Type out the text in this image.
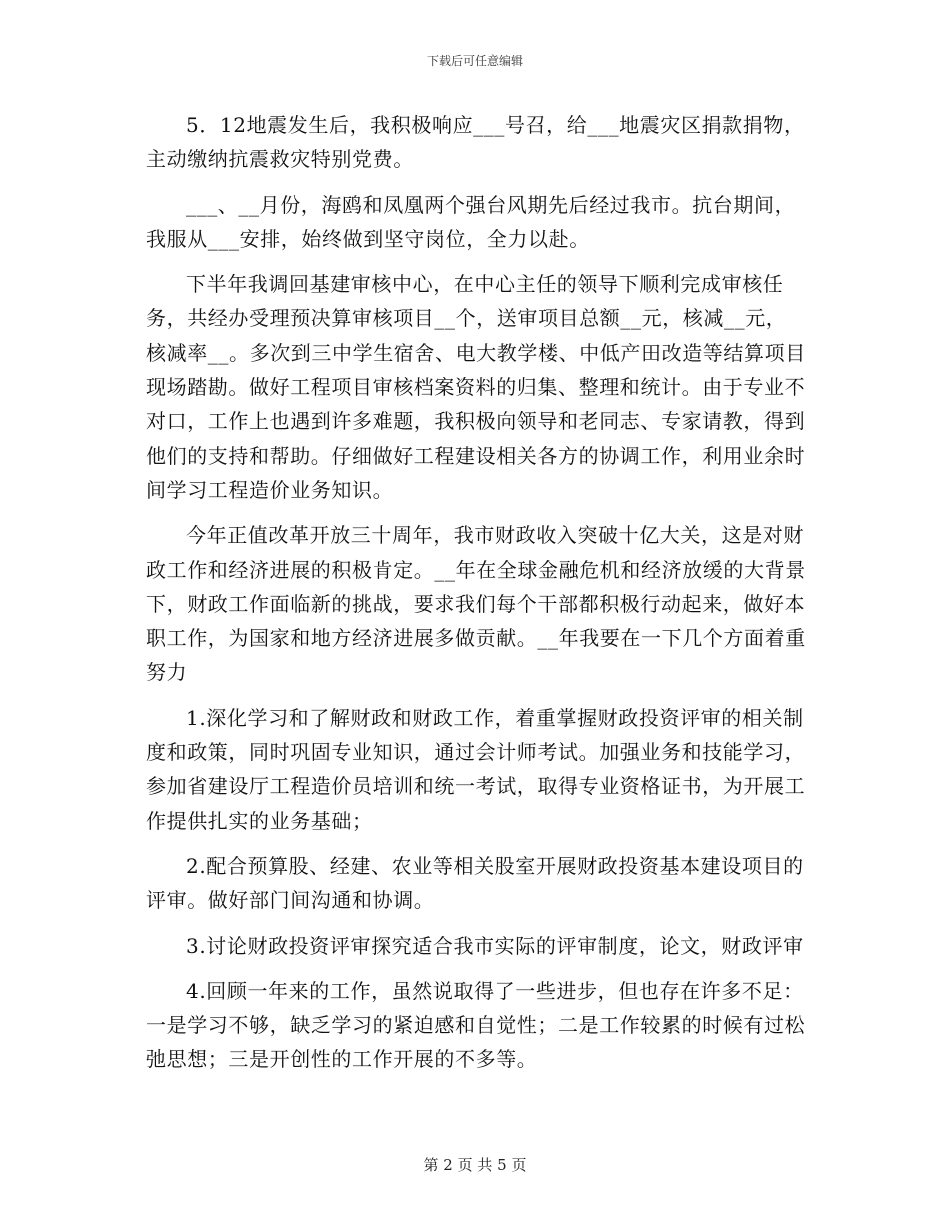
下载后可任意编辑

5．12地震发生后，我积极响应___号召，给___地震灾区捐款捐物，主动缴纳抗震救灾特别党费。

___、__月份，海鸥和凤凰两个强台风期先后经过我市。抗台期间，我服从___安排，始终做到坚守岗位，全力以赴。

下半年我调回基建审核中心，在中心主任的领导下顺利完成审核任务，共经办受理预决算审核项目__个，送审项目总额__元，核减__元，核减率__。多次到三中学生宿舍、电大教学楼、中低产田改造等结算项目现场踏勘。做好工程项目审核档案资料的归集、整理和统计。由于专业不对口，工作上也遇到许多难题，我积极向领导和老同志、专家请教，得到他们的支持和帮助。仔细做好工程建设相关各方的协调工作，利用业余时间学习工程造价业务知识。

今年正值改革开放三十周年，我市财政收入突破十亿大关，这是对财政工作和经济进展的积极肯定。__年在全球金融危机和经济放缓的大背景下，财政工作面临新的挑战，要求我们每个干部都积极行动起来，做好本职工作，为国家和地方经济进展多做贡献。__年我要在一下几个方面着重努力

1.深化学习和了解财政和财政工作，着重掌握财政投资评审的相关制度和政策，同时巩固专业知识，通过会计师考试。加强业务和技能学习，参加省建设厅工程造价员培训和统一考试，取得专业资格证书，为开展工作提供扎实的业务基础；

2.配合预算股、经建、农业等相关股室开展财政投资基本建设项目的评审。做好部门间沟通和协调。

3.讨论财政投资评审探究适合我市实际的评审制度，论文，财政评审

4.回顾一年来的工作，虽然说取得了一些进步，但也存在许多不足：一是学习不够，缺乏学习的紧迫感和自觉性；二是工作较累的时候有过松弛思想；三是开创性的工作开展的不多等。

第 2 页 共 5 页
